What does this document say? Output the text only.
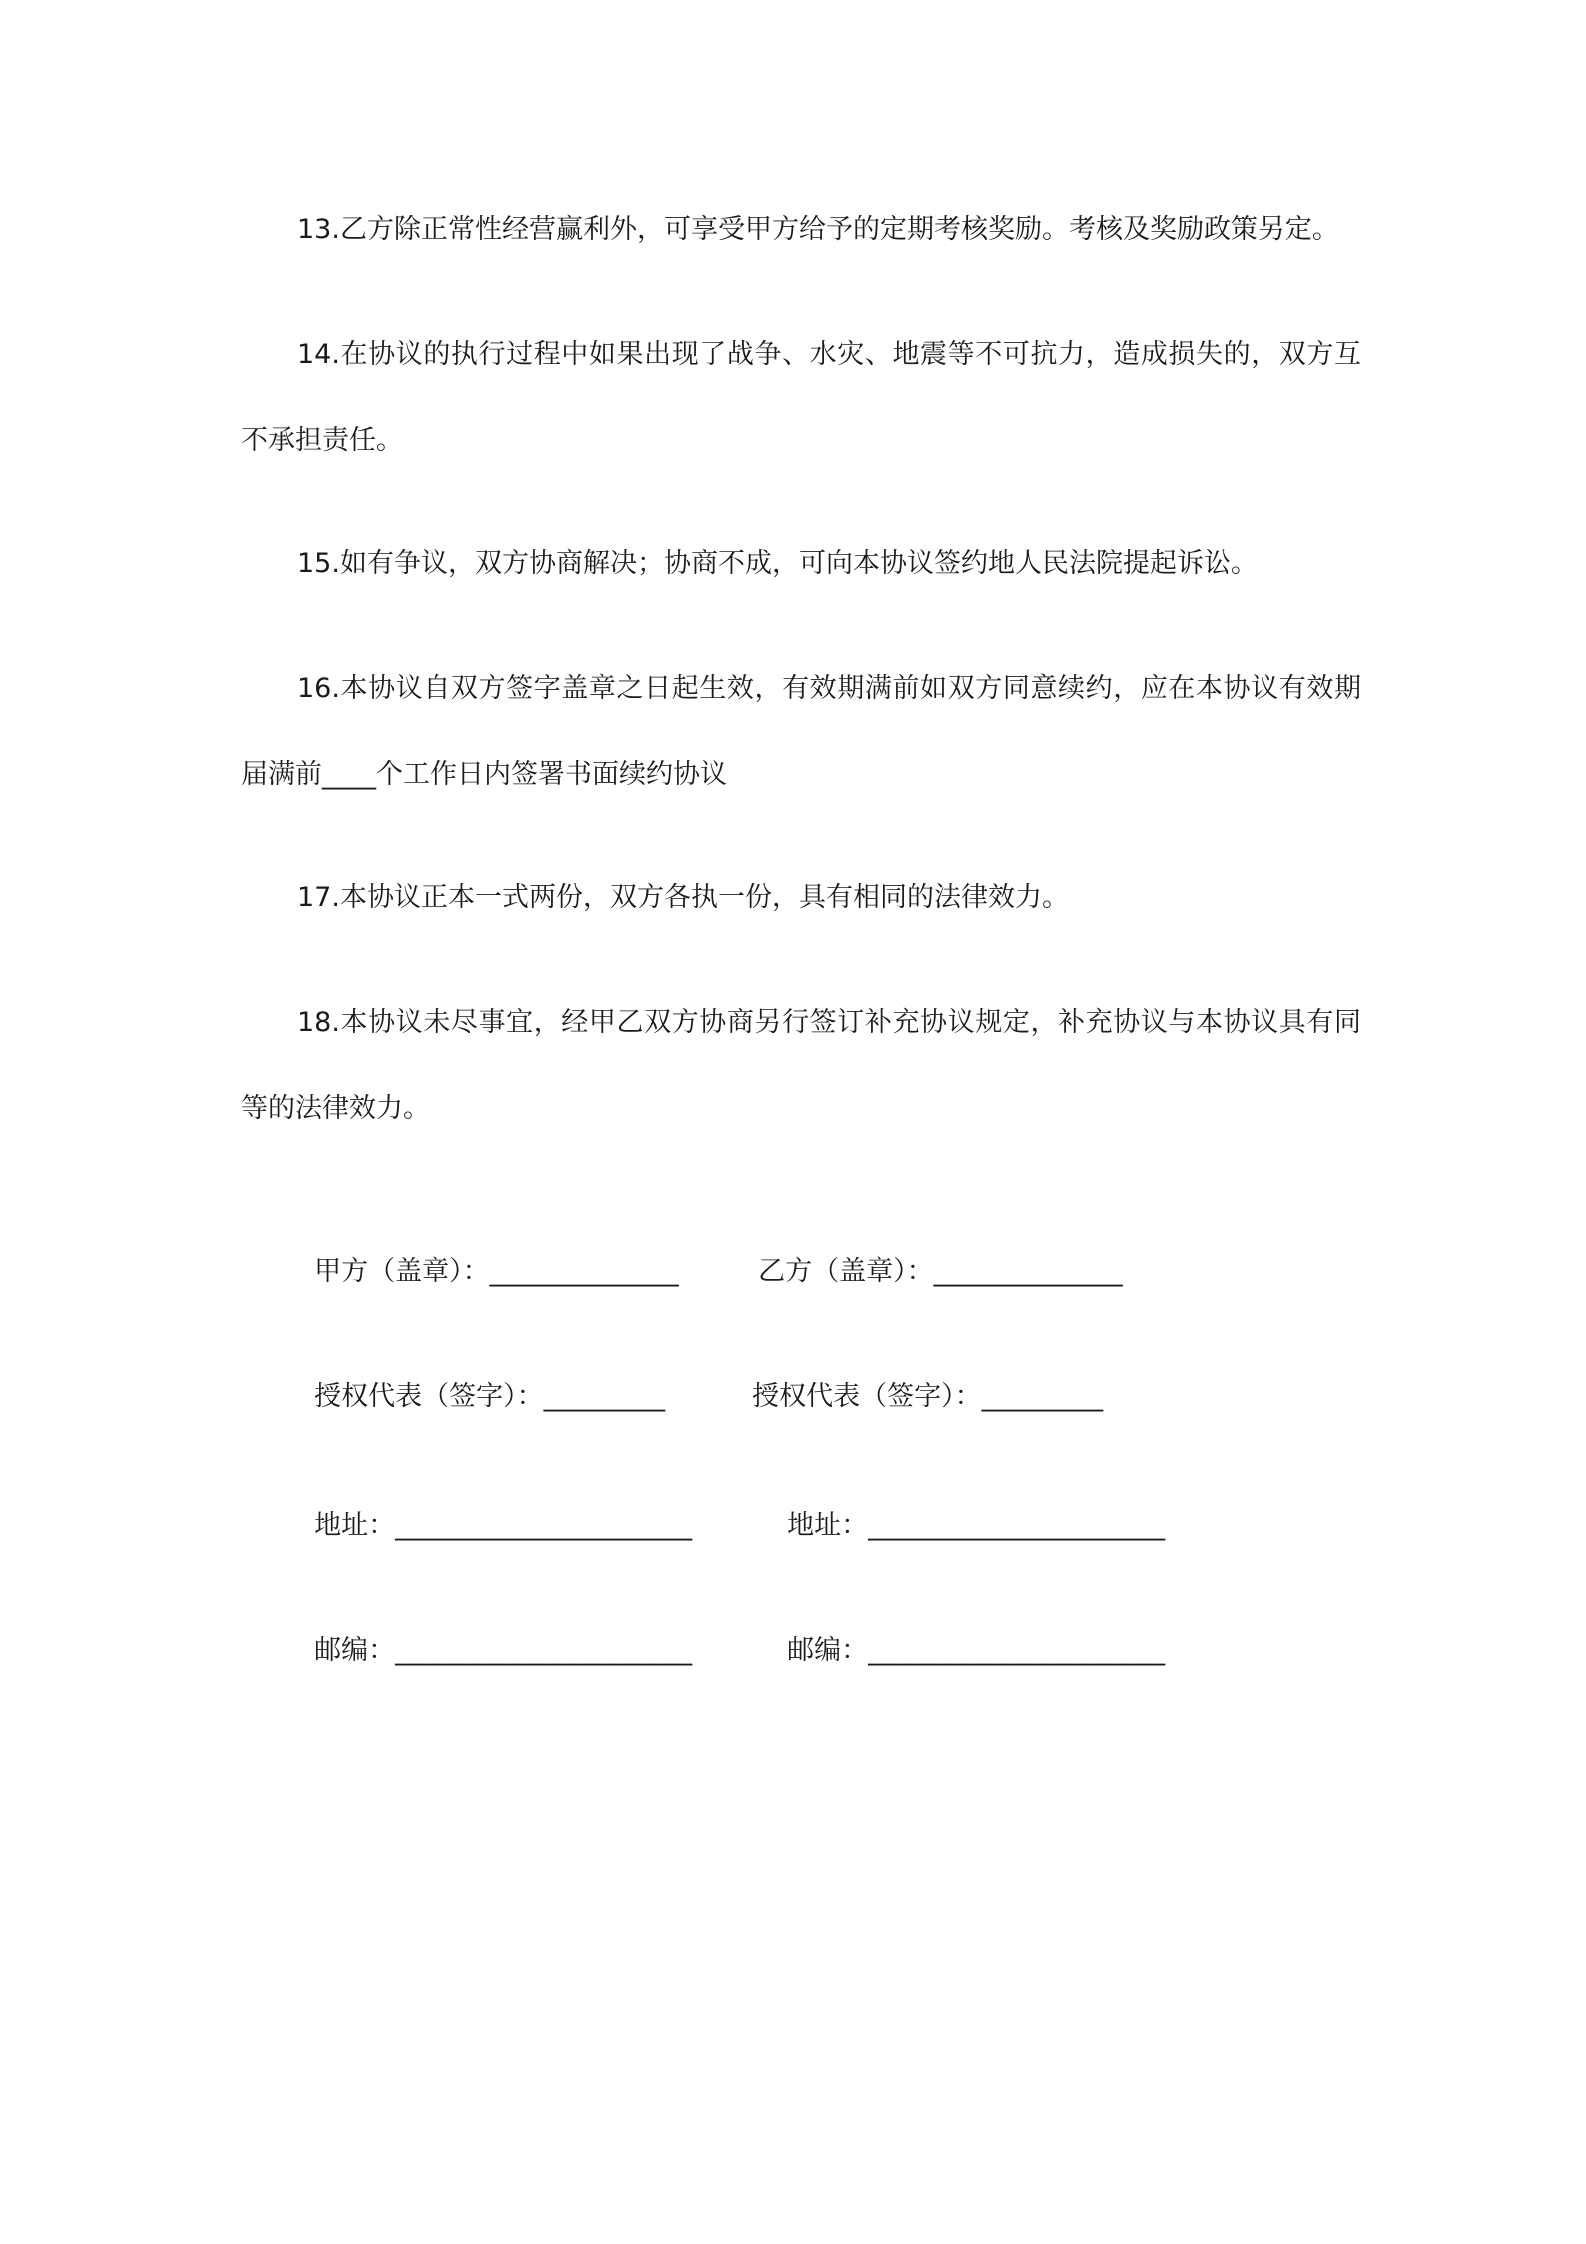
13.乙方除正常性经营赢利外，可享受甲方给予的定期考核奖励。考核及奖励政策另定。

14.在协议的执行过程中如果出现了战争、水灾、地震等不可抗力，造成损失的，双方互不承担责任。

15.如有争议，双方协商解决；协商不成，可向本协议签约地人民法院提起诉讼。

16.本协议自双方签字盖章之日起生效，有效期满前如双方同意续约，应在本协议有效期届满前____个工作日内签署书面续约协议

17.本协议正本一式两份，双方各执一份，具有相同的法律效力。

18.本协议未尽事宜，经甲乙双方协商另行签订补充协议规定，补充协议与本协议具有同等的法律效力。

甲方（盖章）：______________	乙方（盖章）：______________

授权代表（签字）：_________	授权代表（签字）：_________

地址：______________________	地址：______________________

邮编：______________________	邮编：______________________
